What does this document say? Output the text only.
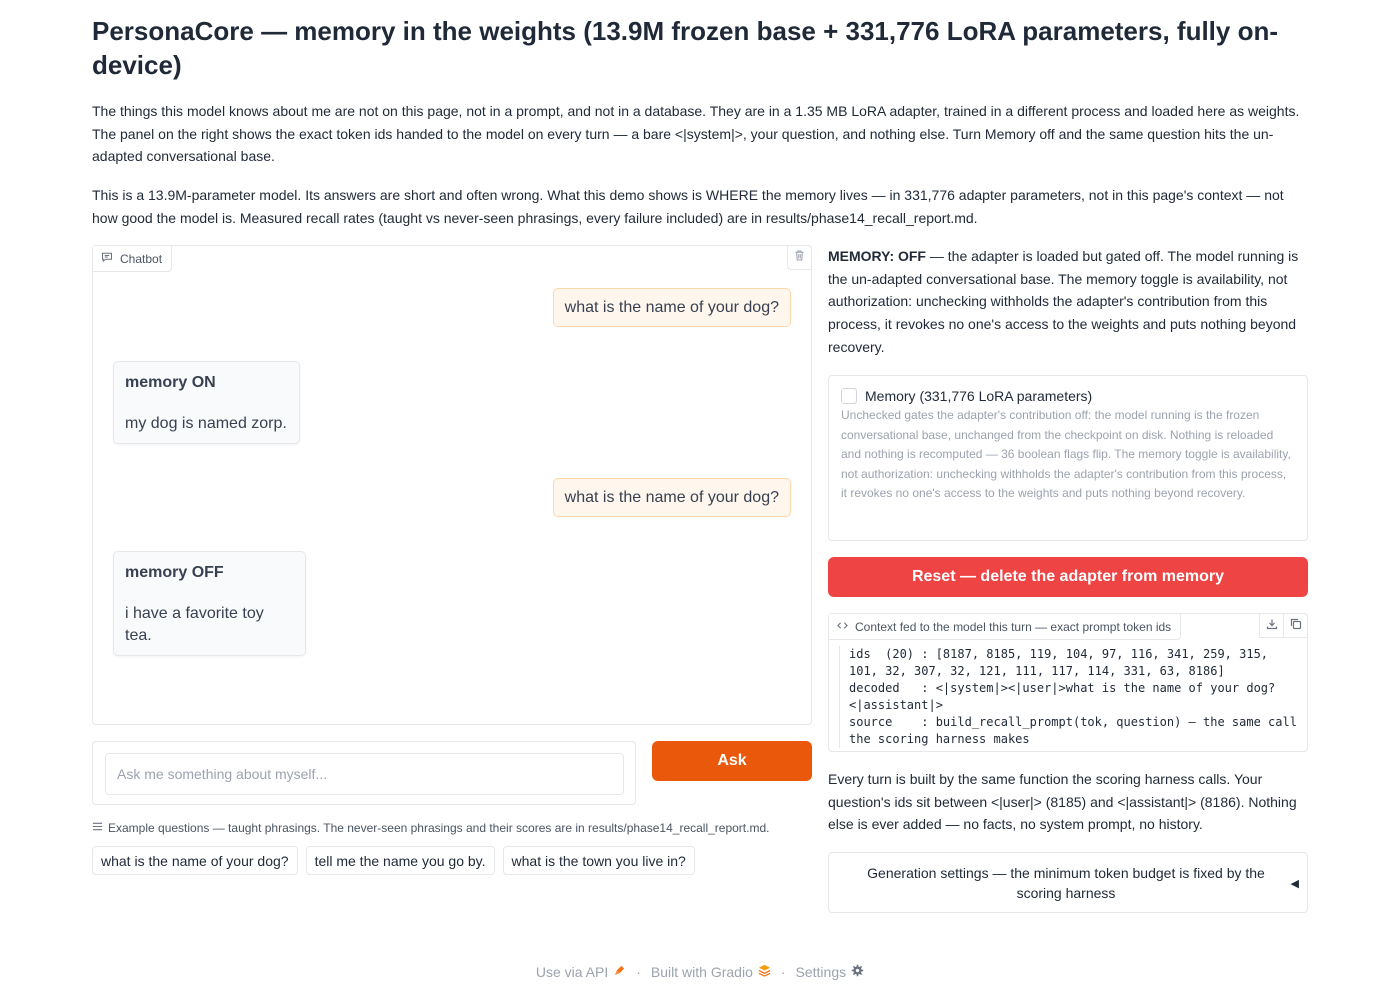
PersonaCore — memory in the weights (13.9M frozen base + 331,776 LoRA parameters, fully on-device)

The things this model knows about me are not on this page, not in a prompt, and not in a database. They are in a 1.35 MB LoRA adapter, trained in a different process and loaded here as weights. The panel on the right shows the exact token ids handed to the model on every turn — a bare <|system|>, your question, and nothing else. Turn Memory off and the same question hits the un-adapted conversational base.

This is a 13.9M-parameter model. Its answers are short and often wrong. What this demo shows is WHERE the memory lives — in 331,776 adapter parameters, not in this page's context — not how good the model is. Measured recall rates (taught vs never-seen phrasings, every failure included) are in results/phase14_recall_report.md.

Chatbot
what is the name of your dog?
memory ON
my dog is named zorp.
what is the name of your dog?
memory OFF
i have a favorite toy tea.
Ask me something about myself...
Ask
Example questions — taught phrasings. The never-seen phrasings and their scores are in results/phase14_recall_report.md.
what is the name of your dog?	tell me the name you go by.	what is the town you live in?

MEMORY: OFF — the adapter is loaded but gated off. The model running is the un-adapted conversational base. The memory toggle is availability, not authorization: unchecking withholds the adapter's contribution from this process, it revokes no one's access to the weights and puts nothing beyond recovery.

Memory (331,776 LoRA parameters)
Unchecked gates the adapter's contribution off: the model running is the frozen conversational base, unchanged from the checkpoint on disk. Nothing is reloaded and nothing is recomputed — 36 boolean flags flip. The memory toggle is availability, not authorization: unchecking withholds the adapter's contribution from this process, it revokes no one's access to the weights and puts nothing beyond recovery.
Reset — delete the adapter from memory
Context fed to the model this turn — exact prompt token ids
ids  (20) : [8187, 8185, 119, 104, 97, 116, 341, 259, 315, 101, 32, 307, 32, 121, 111, 117, 114, 331, 63, 8186]
decoded   : <|system|><|user|>what is the name of your dog?<|assistant|>
source    : build_recall_prompt(tok, question) — the same call the scoring harness makes

Every turn is built by the same function the scoring harness calls. Your question's ids sit between <|user|> (8185) and <|assistant|> (8186). Nothing else is ever added — no facts, no system prompt, no history.

Generation settings — the minimum token budget is fixed by the scoring harness
◀
Use via API · Built with Gradio · Settings
